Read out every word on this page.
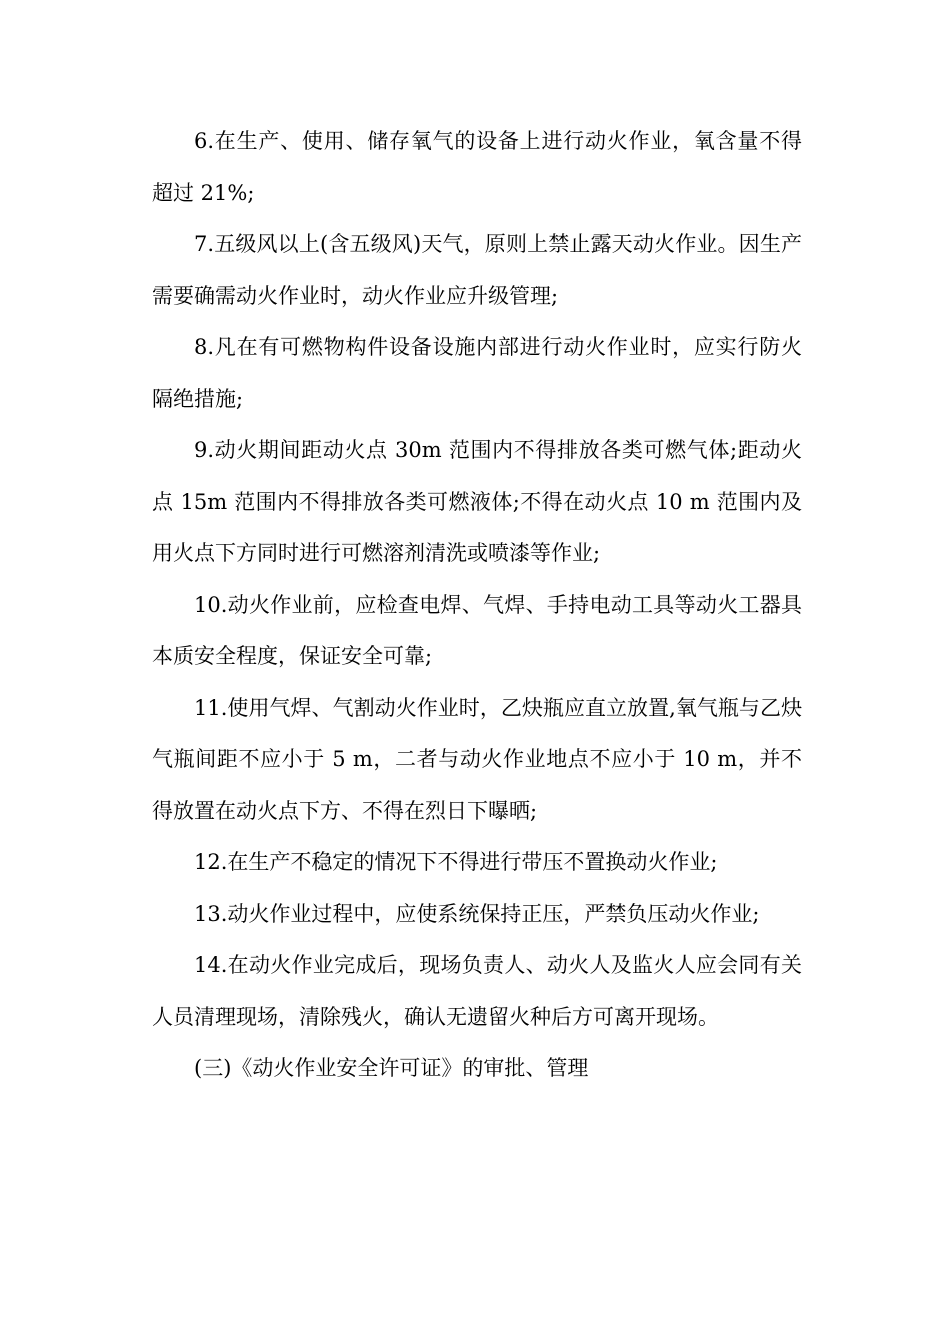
6.在生产、使用、储存氧气的设备上进行动火作业，氧含量不得超过 21%;

7.五级风以上(含五级风)天气，原则上禁止露天动火作业。因生产需要确需动火作业时，动火作业应升级管理;

8.凡在有可燃物构件设备设施内部进行动火作业时，应实行防火隔绝措施;

9.动火期间距动火点 30m 范围内不得排放各类可燃气体;距动火点 15m 范围内不得排放各类可燃液体;不得在动火点 10 m 范围内及用火点下方同时进行可燃溶剂清洗或喷漆等作业;

10.动火作业前，应检查电焊、气焊、手持电动工具等动火工器具本质安全程度，保证安全可靠;

11.使用气焊、气割动火作业时，乙炔瓶应直立放置,氧气瓶与乙炔气瓶间距不应小于 5 m，二者与动火作业地点不应小于 10 m，并不得放置在动火点下方、不得在烈日下曝晒;

12.在生产不稳定的情况下不得进行带压不置换动火作业;

13.动火作业过程中，应使系统保持正压，严禁负压动火作业;

14.在动火作业完成后，现场负责人、动火人及监火人应会同有关人员清理现场，清除残火，确认无遗留火种后方可离开现场。

(三)《动火作业安全许可证》的审批、管理
